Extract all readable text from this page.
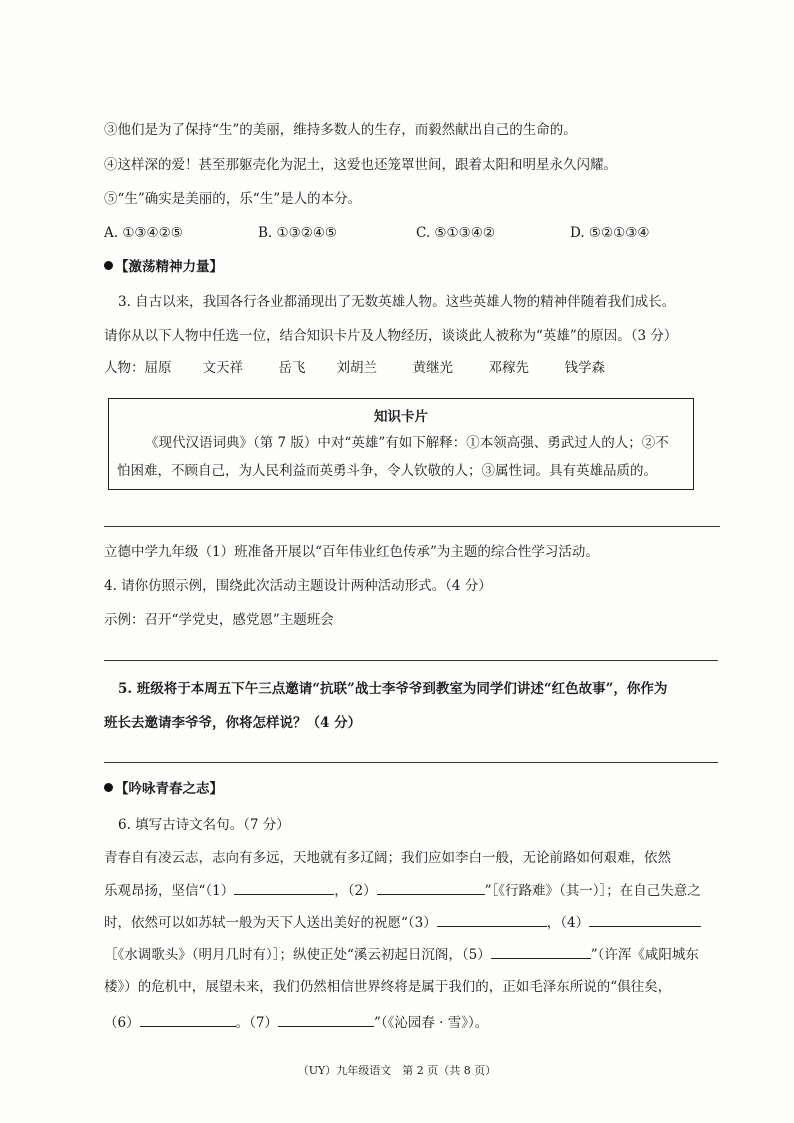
③他们是为了保持“生”的美丽，维持多数人的生存，而毅然献出自己的生命的。
④这样深的爱！甚至那躯壳化为泥土，这爱也还笼罩世间，跟着太阳和明星永久闪耀。
⑤“生”确实是美丽的，乐“生”是人的本分。
A. ①③④②⑤	B. ①③②④⑤	C. ⑤①③④②	D. ⑤②①③④
【激荡精神力量】
3. 自古以来，我国各行各业都涌现出了无数英雄人物。这些英雄人物的精神伴随着我们成长。
请你从以下人物中任选一位，结合知识卡片及人物经历，谈谈此人被称为“英雄”的原因。（3 分）
人物：屈原 文天祥	岳飞 刘胡兰	黄继光	邓稼先	钱学森
知识卡片
《现代汉语词典》（第 7 版）中对“英雄”有如下解释：①本领高强、勇武过人的人；②不
怕困难，不顾自己，为人民利益而英勇斗争，令人钦敬的人；③属性词。具有英雄品质的。
立德中学九年级（1）班准备开展以“百年伟业红色传承”为主题的综合性学习活动。
4. 请你仿照示例，围绕此次活动主题设计两种活动形式。（4 分）
示例：召开“学党史，感党恩”主题班会
5. 班级将于本周五下午三点邀请“抗联”战士李爷爷到教室为同学们讲述“红色故事”，你作为
班长去邀请李爷爷，你将怎样说？（4 分）
【吟咏青春之志】
6. 填写古诗文名句。（7 分）
青春自有凌云志，志向有多远，天地就有多辽阔；我们应如李白一般，无论前路如何艰难，依然
乐观昂扬，坚信“（1）	，（2）	”［《行路难》（其一）］；在自己失意之
时，依然可以如苏轼一般为天下人送出美好的祝愿“（3）	，（4）
［《水调歌头》（明月几时有）］；纵使正处“溪云初起日沉阁，（5）	”（许浑《咸阳城东
楼》）的危机中，展望未来，我们仍然相信世界终将是属于我们的，正如毛泽东所说的“俱往矣，
（6）	。（7）	”（《沁园春 · 雪》）。
（UY）九年级语文　第 2 页（共 8 页）
